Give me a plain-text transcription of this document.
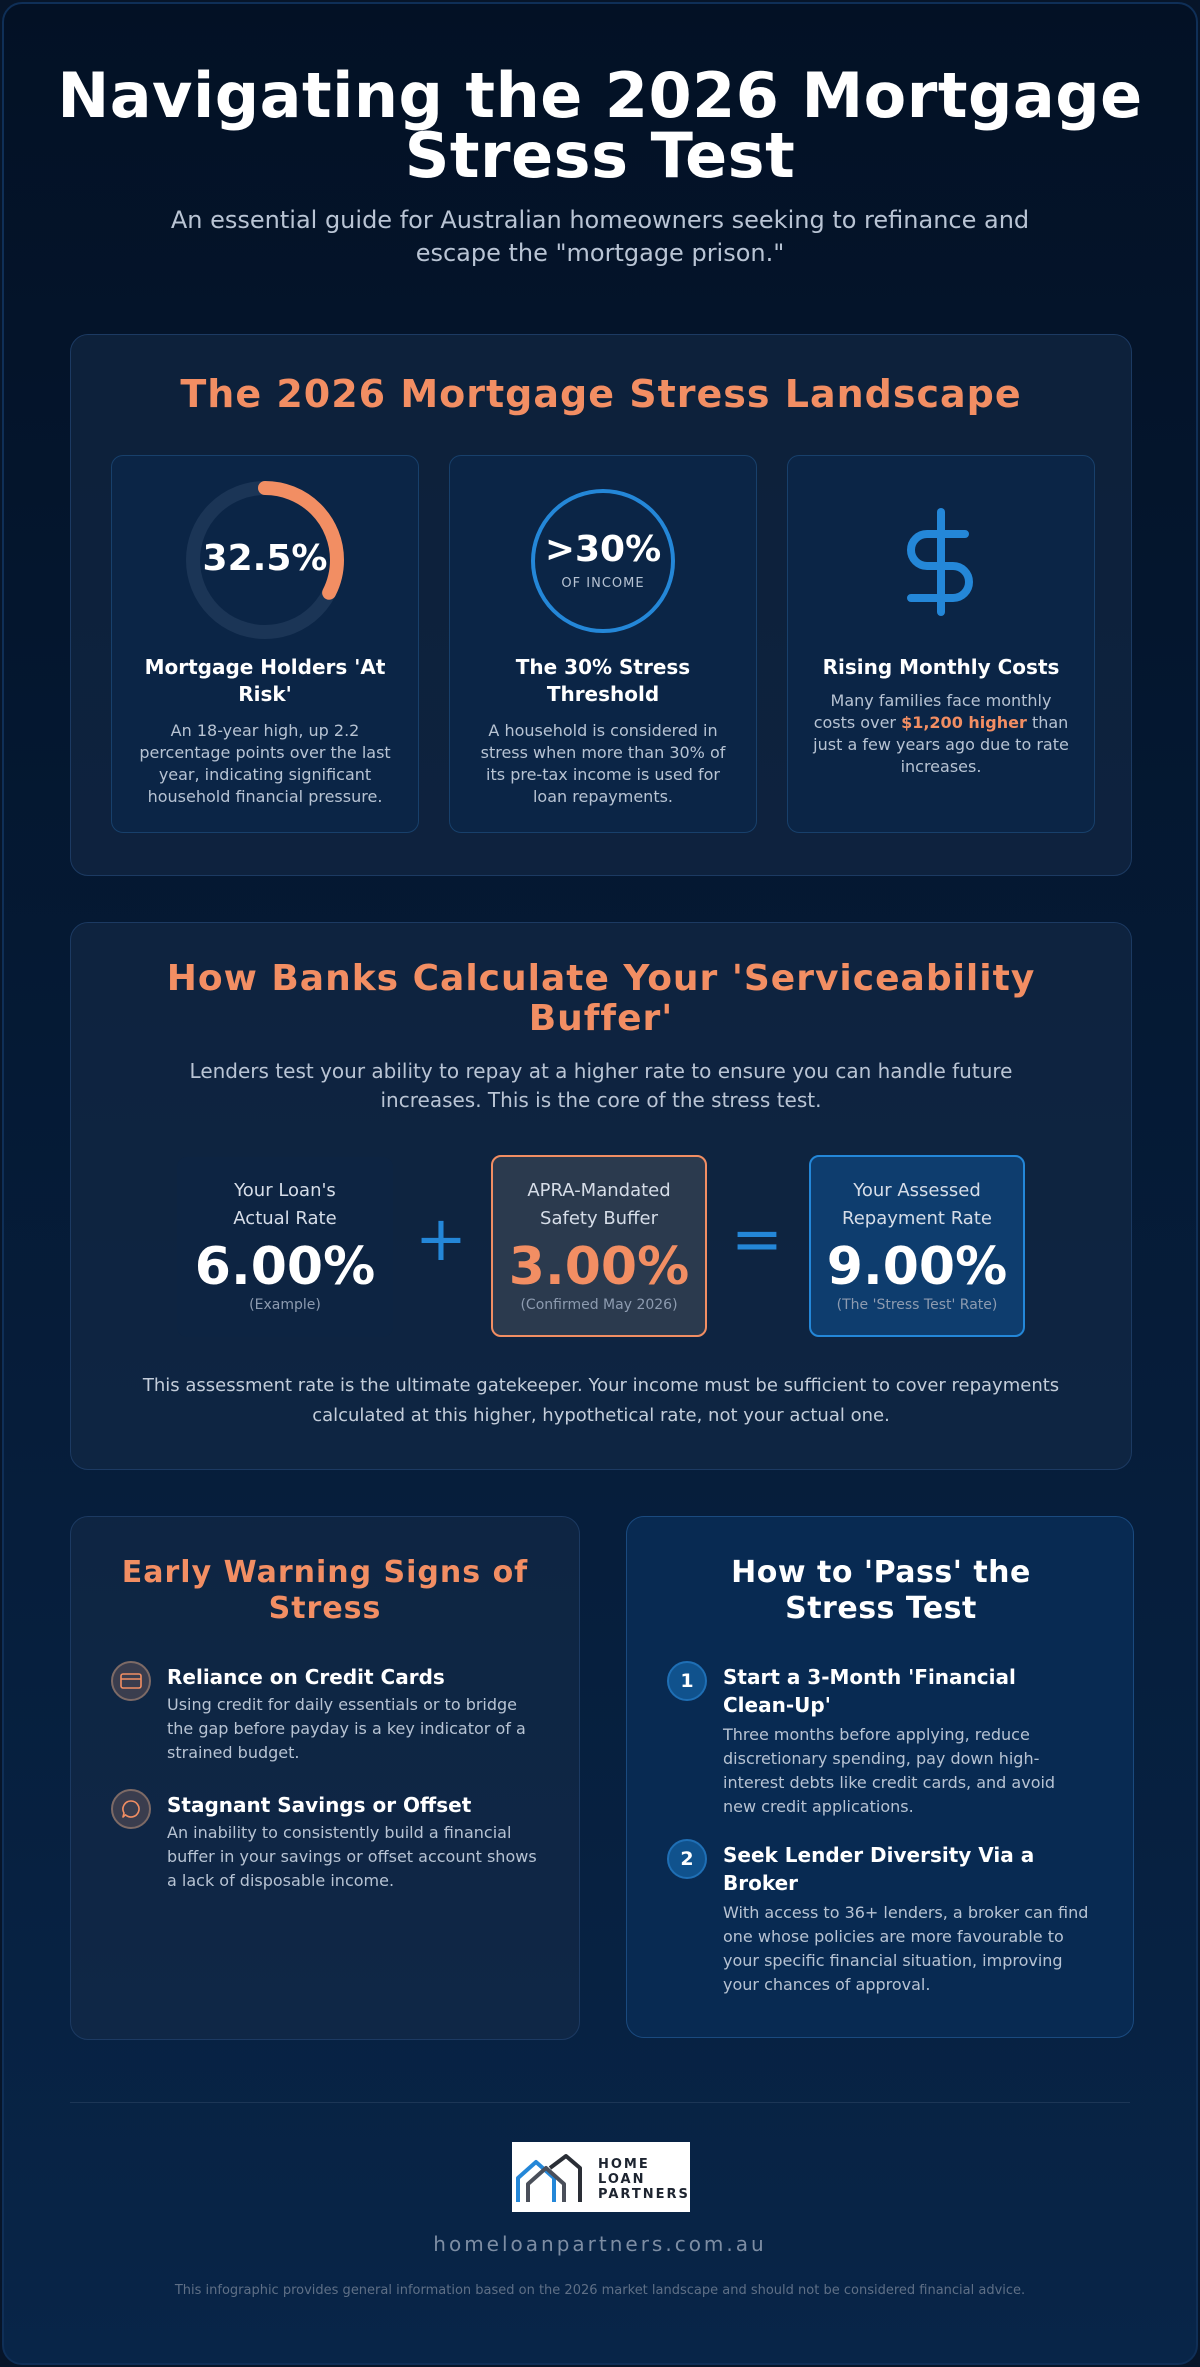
Navigating the 2026 Mortgage Stress Test
An essential guide for Australian homeowners seeking to refinance and escape the "mortgage prison."
The 2026 Mortgage Stress Landscape
32.5%
Mortgage Holders 'At Risk'
An 18-year high, up 2.2 percentage points over the last year, indicating significant household financial pressure.
>30%
OF INCOME
The 30% Stress Threshold
A household is considered in stress when more than 30% of its pre-tax income is used for loan repayments.
Rising Monthly Costs
Many families face monthly costs over $1,200 higher than just a few years ago due to rate increases.
How Banks Calculate Your 'Serviceability Buffer'
Lenders test your ability to repay at a higher rate to ensure you can handle future increases. This is the core of the stress test.
Your Loan's
Actual Rate
6.00%
(Example)
+
APRA-Mandated
Safety Buffer
3.00%
(Confirmed May 2026)
=
Your Assessed
Repayment Rate
9.00%
(The 'Stress Test' Rate)
This assessment rate is the ultimate gatekeeper. Your income must be sufficient to cover repayments calculated at this higher, hypothetical rate, not your actual one.
Early Warning Signs of Stress
Reliance on Credit Cards
Using credit for daily essentials or to bridge the gap before payday is a key indicator of a strained budget.
Stagnant Savings or Offset
An inability to consistently build a financial buffer in your savings or offset account shows a lack of disposable income.
How to 'Pass' the Stress Test
1	Start a 3-Month 'Financial Clean-Up'
Three months before applying, reduce discretionary spending, pay down high-interest debts like credit cards, and avoid new credit applications.
2	Seek Lender Diversity Via a Broker
With access to 36+ lenders, a broker can find one whose policies are more favourable to your specific financial situation, improving your chances of approval.
HOME
LOAN
PARTNERS
homeloanpartners.com.au
This infographic provides general information based on the 2026 market landscape and should not be considered financial advice.
